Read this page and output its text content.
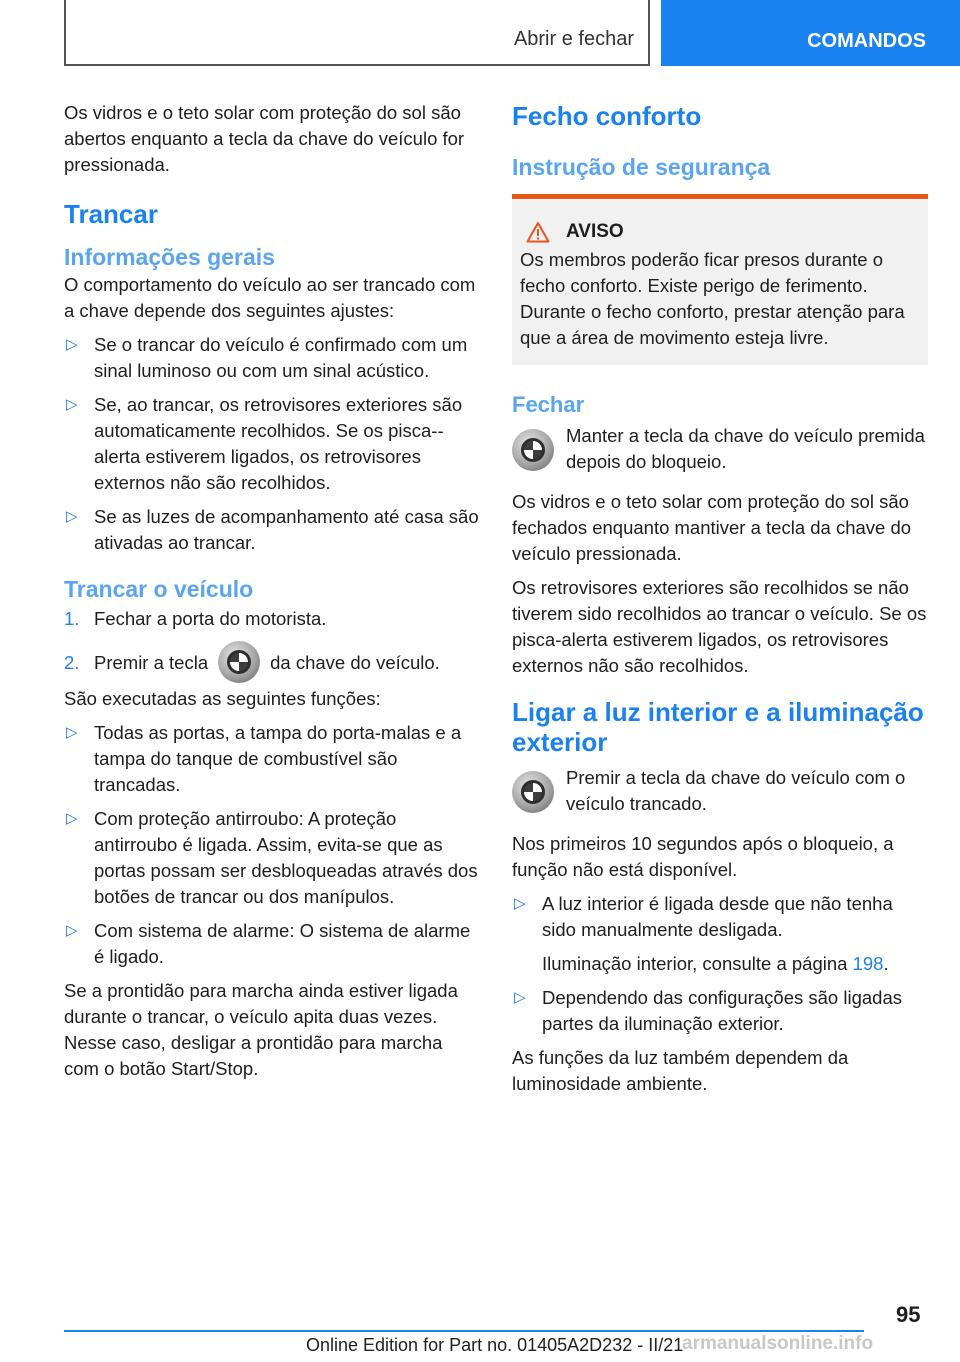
Abrir e fechar	COMANDOS

Os vidros e o teto solar com proteção do sol são abertos enquanto a tecla da chave do veículo for pressionada.

Trancar
Informações gerais

O comportamento do veículo ao ser trancado com a chave depende dos seguintes ajustes:

▷ Se o trancar do veículo é confirmado com um sinal luminoso ou com um sinal acústico.
▷ Se, ao trancar, os retrovisores exteriores são automaticamente recolhidos. Se os pisca--alerta estiverem ligados, os retrovisores externos não são recolhidos.
▷ Se as luzes de acompanhamento até casa são ativadas ao trancar.
Trancar o veículo
1. Fechar a porta do motorista.
2. Premir a tecla	da chave do veículo.

São executadas as seguintes funções:

▷ Todas as portas, a tampa do porta-malas e a tampa do tanque de combustível são trancadas.
▷ Com proteção antirroubo: A proteção antirroubo é ligada. Assim, evita-se que as portas possam ser desbloqueadas através dos botões de trancar ou dos manípulos.
▷ Com sistema de alarme: O sistema de alarme é ligado.

Se a prontidão para marcha ainda estiver ligada durante o trancar, o veículo apita duas vezes. Nesse caso, desligar a prontidão para marcha com o botão Start/Stop.

Fecho conforto
Instrução de segurança
AVISO

Os membros poderão ficar presos durante o fecho conforto. Existe perigo de ferimento. Durante o fecho conforto, prestar atenção para que a área de movimento esteja livre.

Fechar
Manter a tecla da chave do veículo premida depois do bloqueio.

Os vidros e o teto solar com proteção do sol são fechados enquanto mantiver a tecla da chave do veículo pressionada.

Os retrovisores exteriores são recolhidos se não tiverem sido recolhidos ao trancar o veículo. Se os pisca-alerta estiverem ligados, os retrovisores externos não são recolhidos.

Ligar a luz interior e a iluminação exterior
Premir a tecla da chave do veículo com o veículo trancado.

Nos primeiros 10 segundos após o bloqueio, a função não está disponível.

▷ A luz interior é ligada desde que não tenha sido manualmente desligada.
Iluminação interior, consulte a página 198.
▷ Dependendo das configurações são ligadas partes da iluminação exterior.

As funções da luz também dependem da luminosidade ambiente.

95
Online Edition for Part no. 01405A2D232 - II/21
armanualsonline.info
